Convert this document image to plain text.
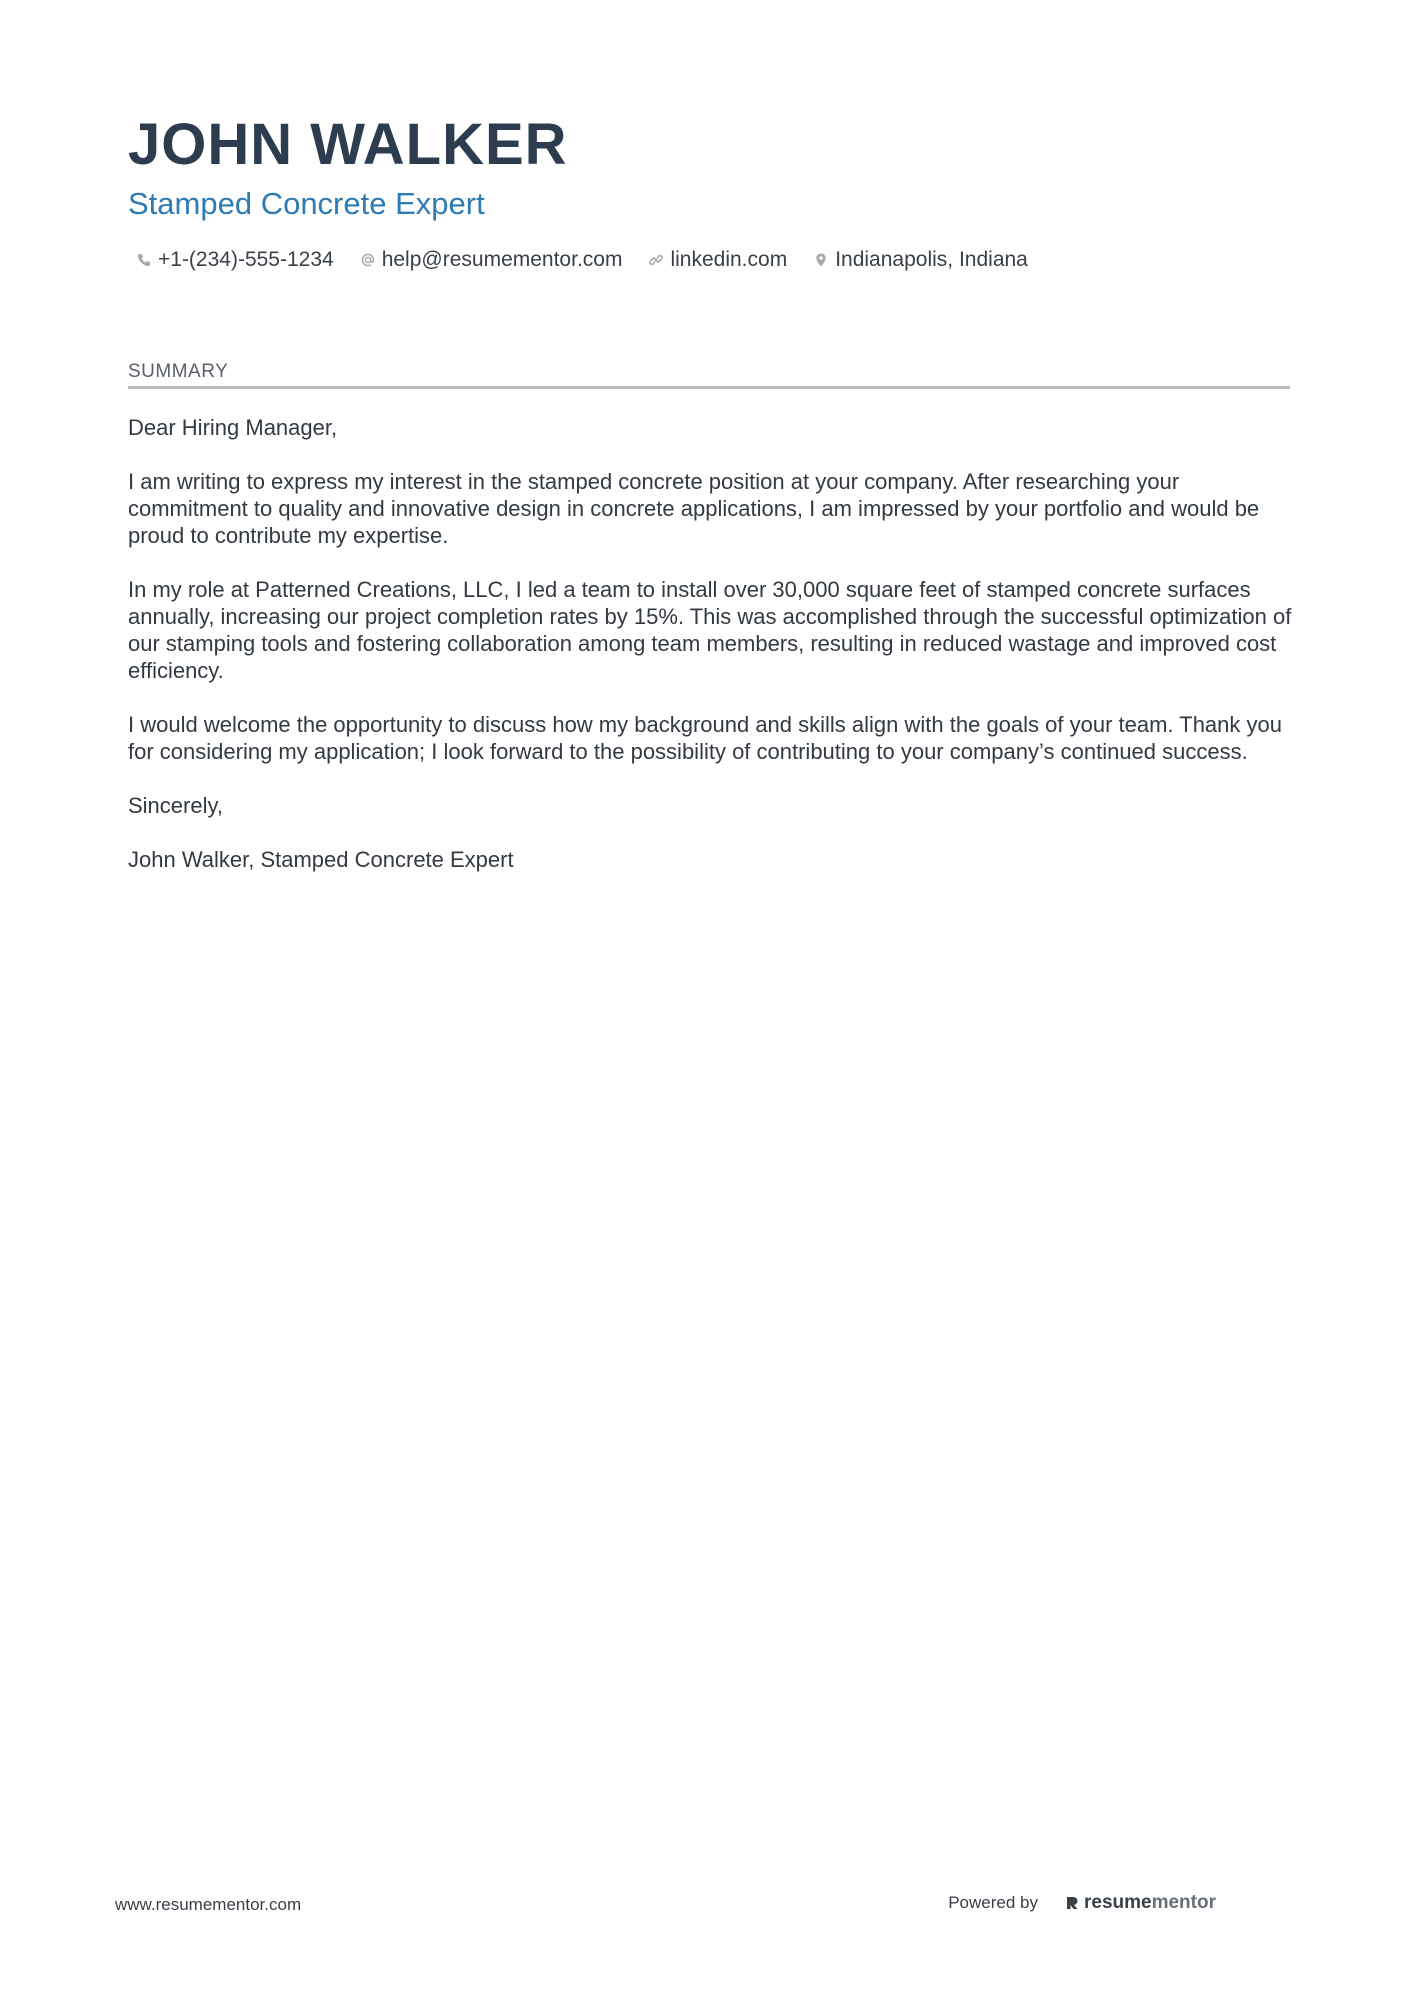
JOHN WALKER
Stamped Concrete Expert
+1-(234)-555-1234 help@resumementor.com linkedin.com Indianapolis, Indiana
SUMMARY

Dear Hiring Manager,

I am writing to express my interest in the stamped concrete position at your company. After researching your commitment to quality and innovative design in concrete applications, I am impressed by your portfolio and would be proud to contribute my expertise.

In my role at Patterned Creations, LLC, I led a team to install over 30,000 square feet of stamped concrete surfaces annually, increasing our project completion rates by 15%. This was accomplished through the successful optimization of our stamping tools and fostering collaboration among team members, resulting in reduced wastage and improved cost efficiency.

I would welcome the opportunity to discuss how my background and skills align with the goals of your team. Thank you for considering my application; I look forward to the possibility of contributing to your company’s continued success.

Sincerely,

John Walker, Stamped Concrete Expert

www.resumementor.com	Powered by resume mentor
